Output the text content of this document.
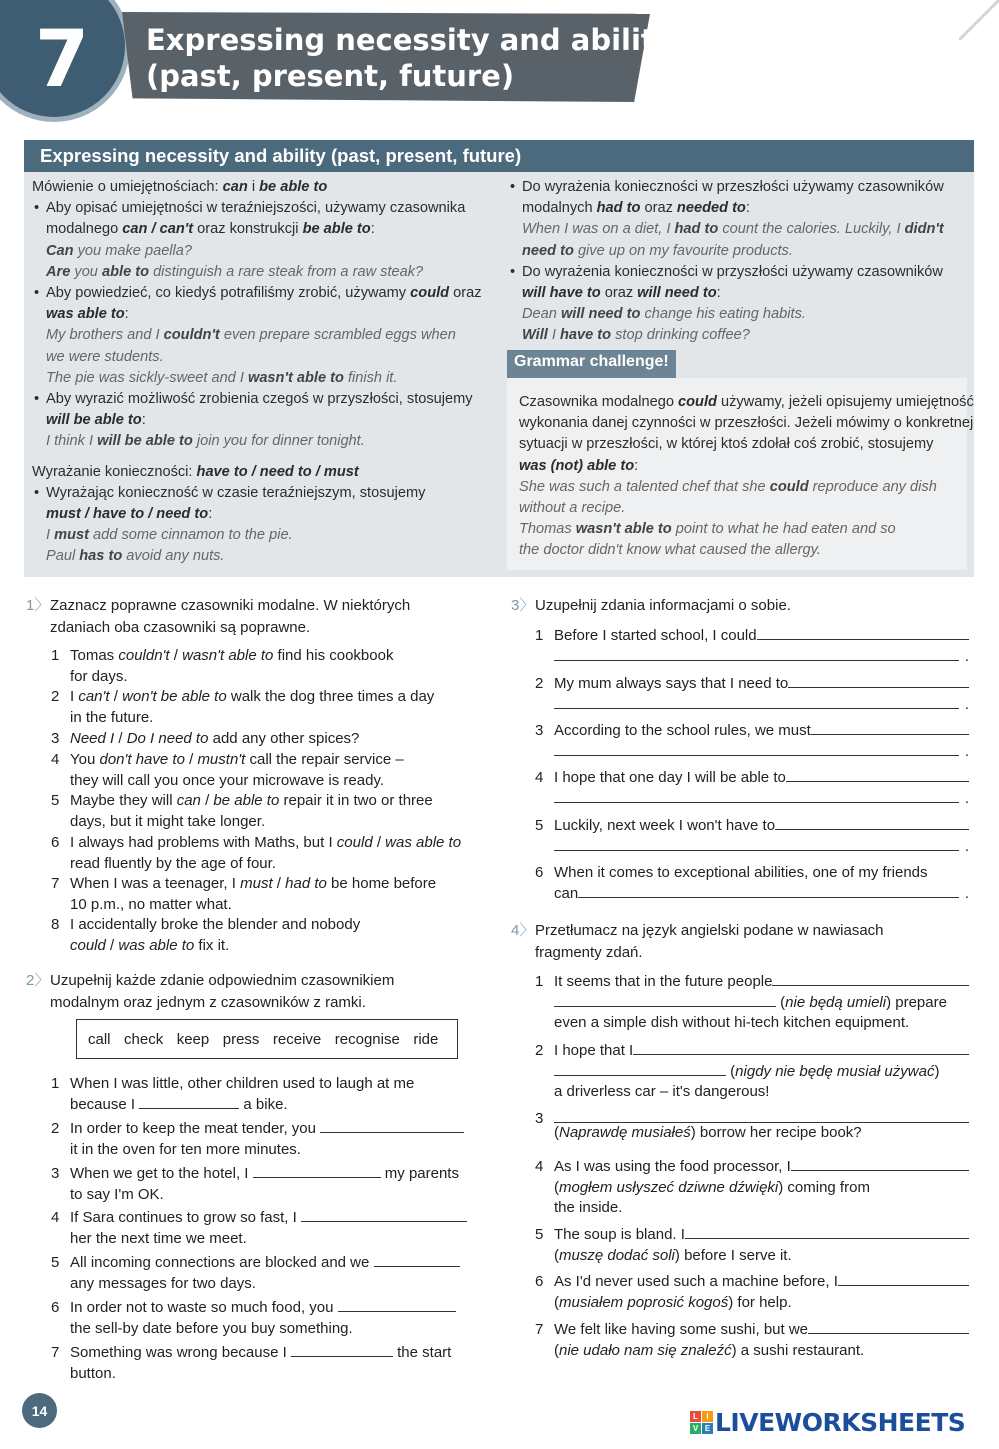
7 Expressing necessity and ability
(past, present, future)
Expressing necessity and ability (past, present, future)
Mówienie o umiejętnościach: can i be able to
• Aby opisać umiejętności w teraźniejszości, używamy czasownika
modalnego can / can't oraz konstrukcji be able to:
Can you make paella?
Are you able to distinguish a rare steak from a raw steak?
• Aby powiedzieć, co kiedyś potrafiliśmy zrobić, używamy could oraz
was able to:
My brothers and I couldn't even prepare scrambled eggs when
we were students.
The pie was sickly-sweet and I wasn't able to finish it.
• Aby wyrazić możliwość zrobienia czegoś w przyszłości, stosujemy
will be able to:
I think I will be able to join you for dinner tonight.
Wyrażanie konieczności: have to / need to / must
• Wyrażając konieczność w czasie teraźniejszym, stosujemy
must / have to / need to:
I must add some cinnamon to the pie.
Paul has to avoid any nuts.
• Do wyrażenia konieczności w przeszłości używamy czasowników
modalnych had to oraz needed to:
When I was on a diet, I had to count the calories. Luckily, I didn't
need to give up on my favourite products.
• Do wyrażenia konieczności w przyszłości używamy czasowników
will have to oraz will need to:
Dean will need to change his eating habits.
Will I have to stop drinking coffee?
Grammar challenge!
Czasownika modalnego could używamy, jeżeli opisujemy umiejętność
wykonania danej czynności w przeszłości. Jeżeli mówimy o konkretnej
sytuacji w przeszłości, w której ktoś zdołał coś zrobić, stosujemy
was (not) able to:
She was such a talented chef that she could reproduce any dish
without a recipe.
Thomas wasn't able to point to what he had eaten and so
the doctor didn't know what caused the allergy.
1〉 Zaznacz poprawne czasowniki modalne. W niektórych
zdaniach oba czasowniki są poprawne.
1 Tomas couldn't / wasn't able to find his cookbook
for days.
2 I can't / won't be able to walk the dog three times a day
in the future.
3 Need I / Do I need to add any other spices?
4 You don't have to / mustn't call the repair service –
they will call you once your microwave is ready.
5 Maybe they will can / be able to repair it in two or three
days, but it might take longer.
6 I always had problems with Maths, but I could / was able to
read fluently by the age of four.
7 When I was a teenager, I must / had to be home before
10 p.m., no matter what.
8 I accidentally broke the blender and nobody
could / was able to fix it.
2〉 Uzupełnij każde zdanie odpowiednim czasownikiem
modalnym oraz jednym z czasowników z ramki.
call check keep press receive recognise ride
1 When I was little, other children used to laugh at me
because I	a bike.
2 In order to keep the meat tender, you
it in the oven for ten more minutes.
3 When we get to the hotel, I	my parents
to say I'm OK.
4 If Sara continues to grow so fast, I
her the next time we meet.
5 All incoming connections are blocked and we
any messages for two days.
6 In order not to waste so much food, you
the sell-by date before you buy something.
7 Something was wrong because I	the start
button.
3〉 Uzupełnij zdania informacjami o sobie.
1 Before I started school, I could
.
2 My mum always says that I need to
.
3 According to the school rules, we must
.
4 I hope that one day I will be able to
.
5 Luckily, next week I won't have to
.
6 When it comes to exceptional abilities, one of my friends
can	.
4〉 Przetłumacz na język angielski podane w nawiasach
fragmenty zdań.
1 It seems that in the future people
(nie będą umieli) prepare
even a simple dish without hi-tech kitchen equipment.
2 I hope that I
(nigdy nie będę musiał używać)
a driverless car – it's dangerous!
3
(Naprawdę musiałeś) borrow her recipe book?
4 As I was using the food processor, I
(mogłem usłyszeć dziwne dźwięki) coming from
the inside.
5 The soup is bland. I
(muszę dodać soli) before I serve it.
6 As I'd never used such a machine before, I
(musiałem poprosić kogoś) for help.
7 We felt like having some sushi, but we
(nie udało nam się znaleźć) a sushi restaurant.
14	L	I
V E LIVEWORKSHEETS
